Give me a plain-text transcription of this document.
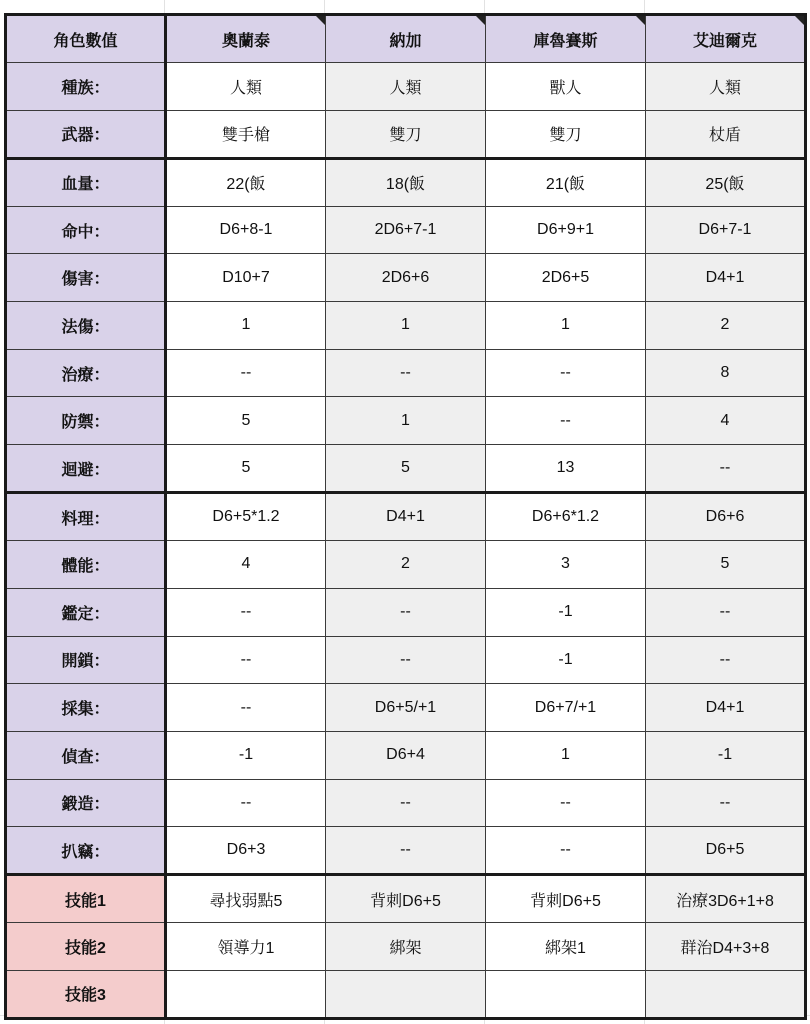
角色數值	奧蘭泰	納加	庫魯賽斯	艾迪爾克

種族：	人類	人類	獸人	人類
武器：	雙手槍	雙刀	雙刀	杖盾
血量：	22(飯	18(飯	21(飯	25(飯
命中：	D6+8-1	2D6+7-1	D6+9+1	D6+7-1
傷害：	D10+7	2D6+6	2D6+5	D4+1
法傷：	1	1	1	2
治療：	--	--	--	8
防禦：	5	1	--	4
迴避：	5	5	13	--
料理：	D6+5*1.2	D4+1	D6+6*1.2	D6+6
體能：	4	2	3	5
鑑定：	--	--	-1	--
開鎖：	--	--	-1	--
採集：	--	D6+5/+1	D6+7/+1	D4+1
偵查：	-1	D6+4	1	-1
鍛造：	--	--	--	--
扒竊：	D6+3	--	--	D6+5
技能1	尋找弱點5	背刺D6+5	背刺D6+5	治療3D6+1+8
技能2	領導力1	綁架	綁架1	群治D4+3+8
技能3				
